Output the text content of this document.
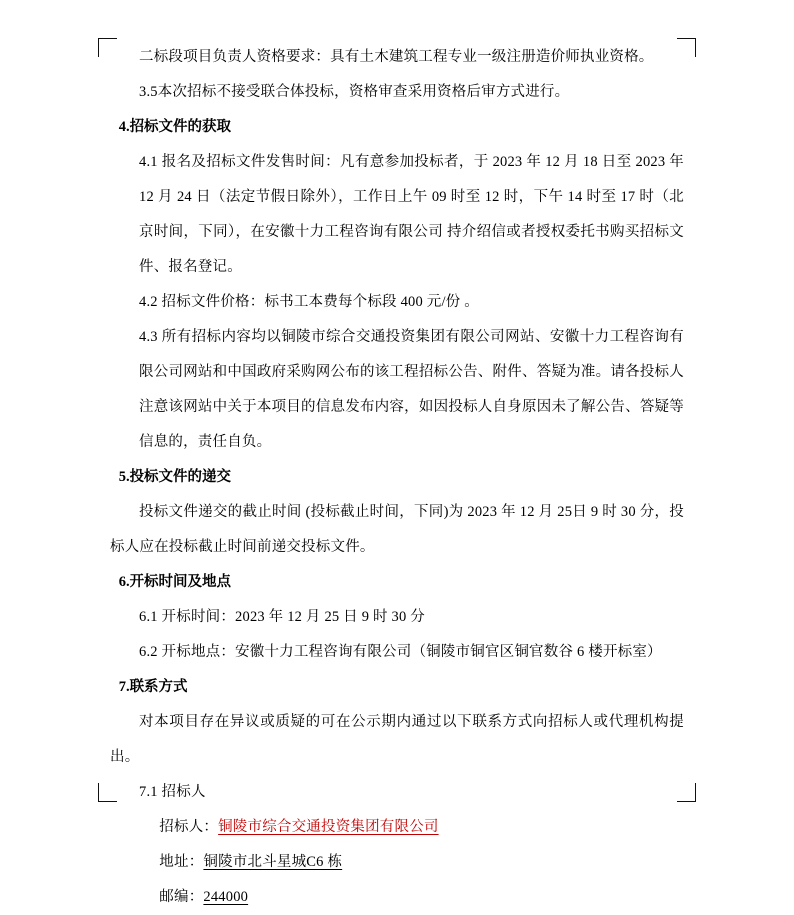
二标段项目负责人资格要求：具有土木建筑工程专业一级注册造价师执业资格。

3.5本次招标不接受联合体投标，资格审查采用资格后审方式进行。

4.招标文件的获取

4.1 报名及招标文件发售时间：凡有意参加投标者，于 2023 年 12 月 18 日至 2023 年 12 月 24 日（法定节假日除外），工作日上午 09 时至 12 时，下午 14 时至 17 时（北京时间，下同），在安徽十力工程咨询有限公司 持介绍信或者授权委托书购买招标文件、报名登记。

4.2 招标文件价格：标书工本费每个标段 400 元/份 。

4.3 所有招标内容均以铜陵市综合交通投资集团有限公司网站、安徽十力工程咨询有限公司网站和中国政府采购网公布的该工程招标公告、附件、答疑为准。请各投标人注意该网站中关于本项目的信息发布内容，如因投标人自身原因未了解公告、答疑等信息的，责任自负。

5.投标文件的递交

投标文件递交的截止时间 (投标截止时间，下同)为 2023 年 12 月 25日 9 时 30 分，投标人应在投标截止时间前递交投标文件。

6.开标时间及地点

6.1 开标时间：2023 年 12 月 25 日 9 时 30 分

6.2 开标地点：安徽十力工程咨询有限公司（铜陵市铜官区铜官数谷 6 楼开标室）

7.联系方式

对本项目存在异议或质疑的可在公示期内通过以下联系方式向招标人或代理机构提出。

7.1 招标人

招标人：铜陵市综合交通投资集团有限公司

地址：铜陵市北斗星城C6 栋

邮编：244000
